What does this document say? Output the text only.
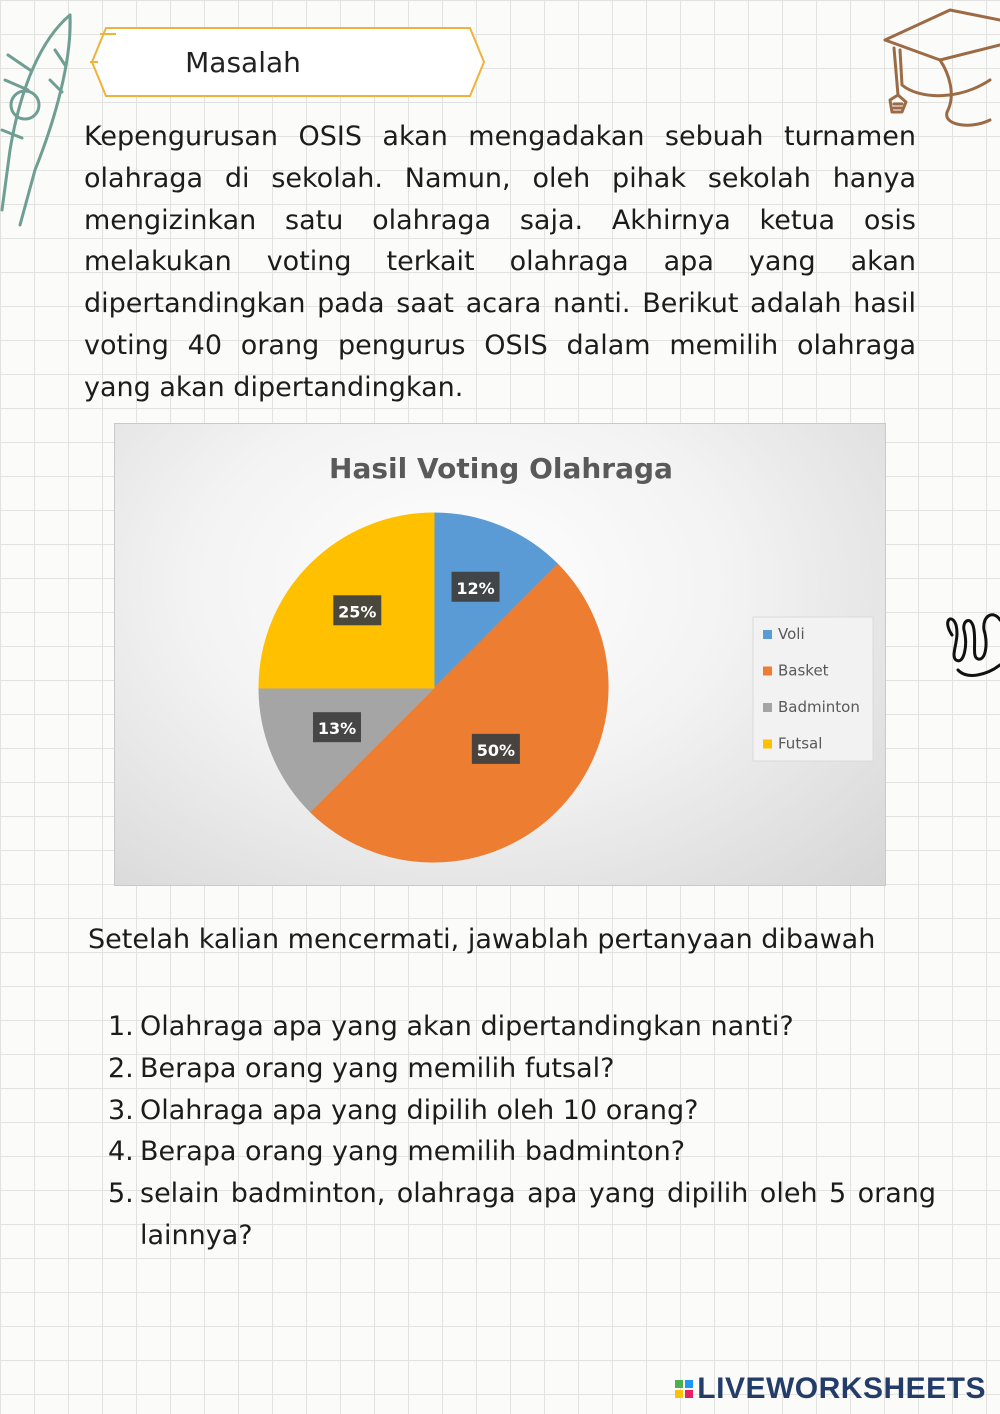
Masalah

Kepengurusan OSIS akan mengadakan sebuah turnamen olahraga di sekolah. Namun, oleh pihak sekolah hanya mengizinkan satu olahraga saja. Akhirnya ketua osis melakukan voting terkait olahraga apa yang akan dipertandingkan pada saat acara nanti. Berikut adalah hasil voting 40 orang pengurus OSIS dalam memilih olahraga yang akan dipertandingkan.

Hasil Voting Olahraga
12%
50%
13%
25%
Voli
Basket
Badminton
Futsal
Setelah kalian mencermati, jawablah pertanyaan dibawah
1. Olahraga apa yang akan dipertandingkan nanti?
2. Berapa orang yang memilih futsal?
3. Olahraga apa yang dipilih oleh 10 orang?
4. Berapa orang yang memilih badminton?
5. selain badminton, olahraga apa yang dipilih oleh 5 orang lainnya?
LIVEWORKSHEETS
